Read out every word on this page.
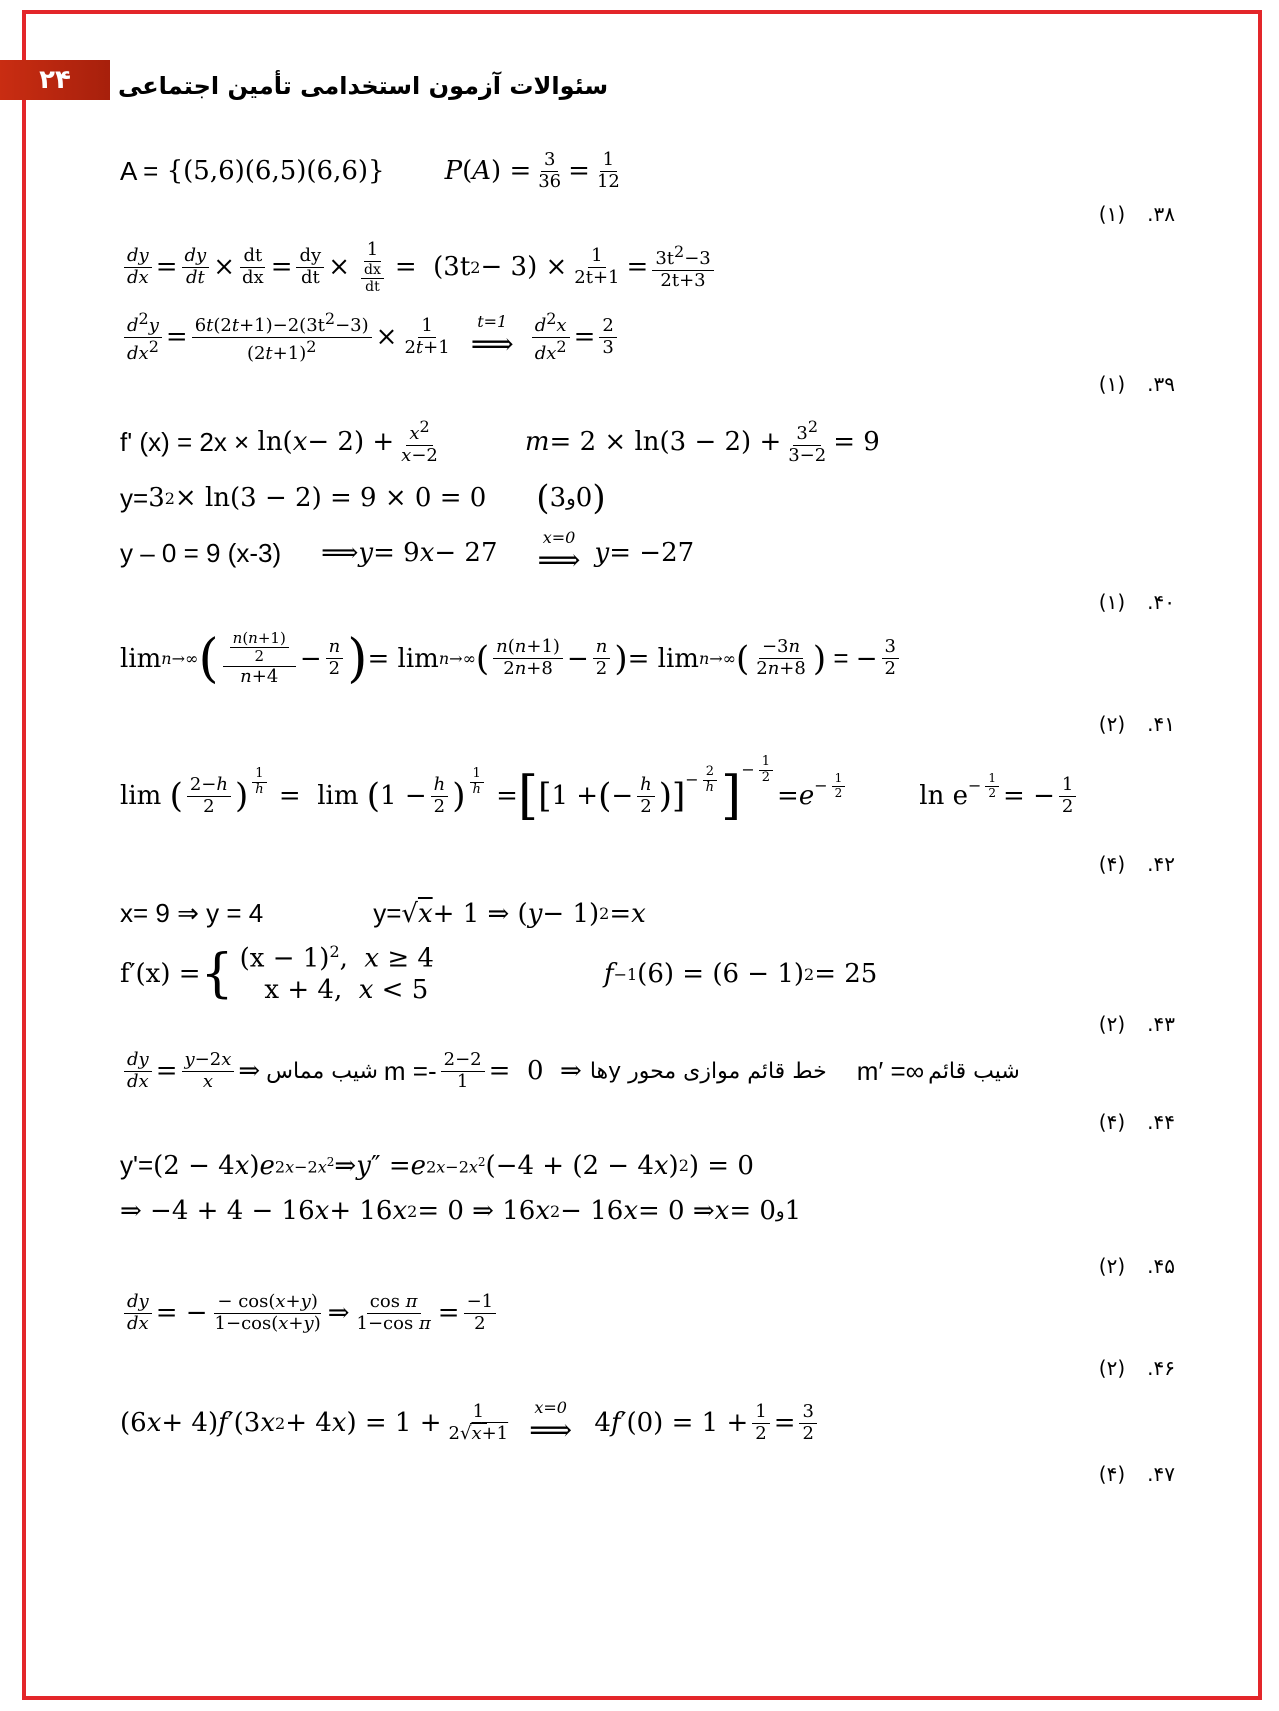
۲۴ سئوالات آزمون استخدامی تأمین اجتماعی
A = {(5,6)(6,5)(6,6)} P ( A ) = $\frac{3}{36} = \frac{1}{12}$
(۱) .۳۸
$\frac{dy}{dx} = \frac{dy}{dt} \times \frac{dt}{dx} = \frac{dy}{dt} \times \frac{1}{\frac{dx}{dt}} = (3t$ $2 - 3) \times \frac{1}{2t+1} = \frac{3t^2-3}{2t+3}$
$\frac{d^2y}{dx^2} = \frac{6t(2t+1)-2(3t^2-3)}{(2t+1)^2} \times \frac{1}{2t+1} t=1$
⟹ $\frac{d^2x}{dx^2} = \frac{2}{3}$
(۱) .۳۹
f' (x) = 2x × ln( $x - 2) + \frac{x^2}{x-2}$	$m = 2 \times \ln(3 - 2) + \frac{3^2}{3-2} = 9$
y= 3 2 × ln(3 − 2) = 9 × 0 = 0 ( 3 و 0 )
y – 0 = 9 (x-3) ⟹ y = 9 x − 27
x=0
⟹ y = −27
(۱) .۴۰
lim n→∞ ( $\frac{\frac{n(n+1)}{2}}{n+4} - \frac{n}{2}$ ) = lim n→∞ ( $\frac{n(n+1)}{2n+8} - \frac{n}{2}$ ) = lim n→∞ ( $\frac{-3n}{2n+8}$ ) = − $\frac{3}{2}$
(۲) .۴۱
lim ( $\frac{2-h}{2}$ ) $^{\frac{1}{h}}$ =  lim ( $1 - \frac{h}{2}$ ) $^{\frac{1}{h}}$ = [ [ 1 + ( − $\frac{h}{2}$ ) ]$^{- \frac{2}{h}}$ ]$^{- \frac{1}{2}}$
= $e^{- \frac{1}{2}}$	$\ln e^{- \frac{1}{2}}$ = − $\frac{1}{2}$
(۴) .۴۲
x= 9 ⇒ y = 4	y= √ x + 1 ⇒ ( y − 1) 2 = x
f′(x) = { $(x - 1)^2$,  x ≥ 4
x + 4,  x < 5
f −1 (6) = (6 − 1) 2 = 25
(۲) .۴۳
$\frac{dy}{dx} = \frac{y-2x}{x}$ ⇒ شیب مماس $m =- \frac{2-2}{1} = 0$  ⇒ خط قائم موازی محور yها m′ =∞ شیب قائم
(۴) .۴۴
y'= (2 − 4 x ) e $2x-2x^2$ ⇒ y ″ = e $2x-2x^2$ (−4 + (2 − 4 x ) 2 ) = 0
⇒ −4 + 4 − 16 x + 16 x 2 = 0 ⇒ 16 x 2 − 16 x = 0 ⇒ x = 0 و 1
(۲) .۴۵
$\frac{dy}{dx}$ = − $\frac{- \cos(x+y)}{1-\cos(x+y)}$ ⇒ $\frac{\text{cos π}}{\text{1−cos π}} = \frac{-1}{2}$
(۲) .۴۶
(6 x + 4) f ′(3 x 2 + 4 x ) = $1 + \frac{1}{2√x+1} x=0$
⟹ 4 f $'(0) = 1 + \frac{1}{2} = \frac{3}{2}$
(۴) .۴۷
